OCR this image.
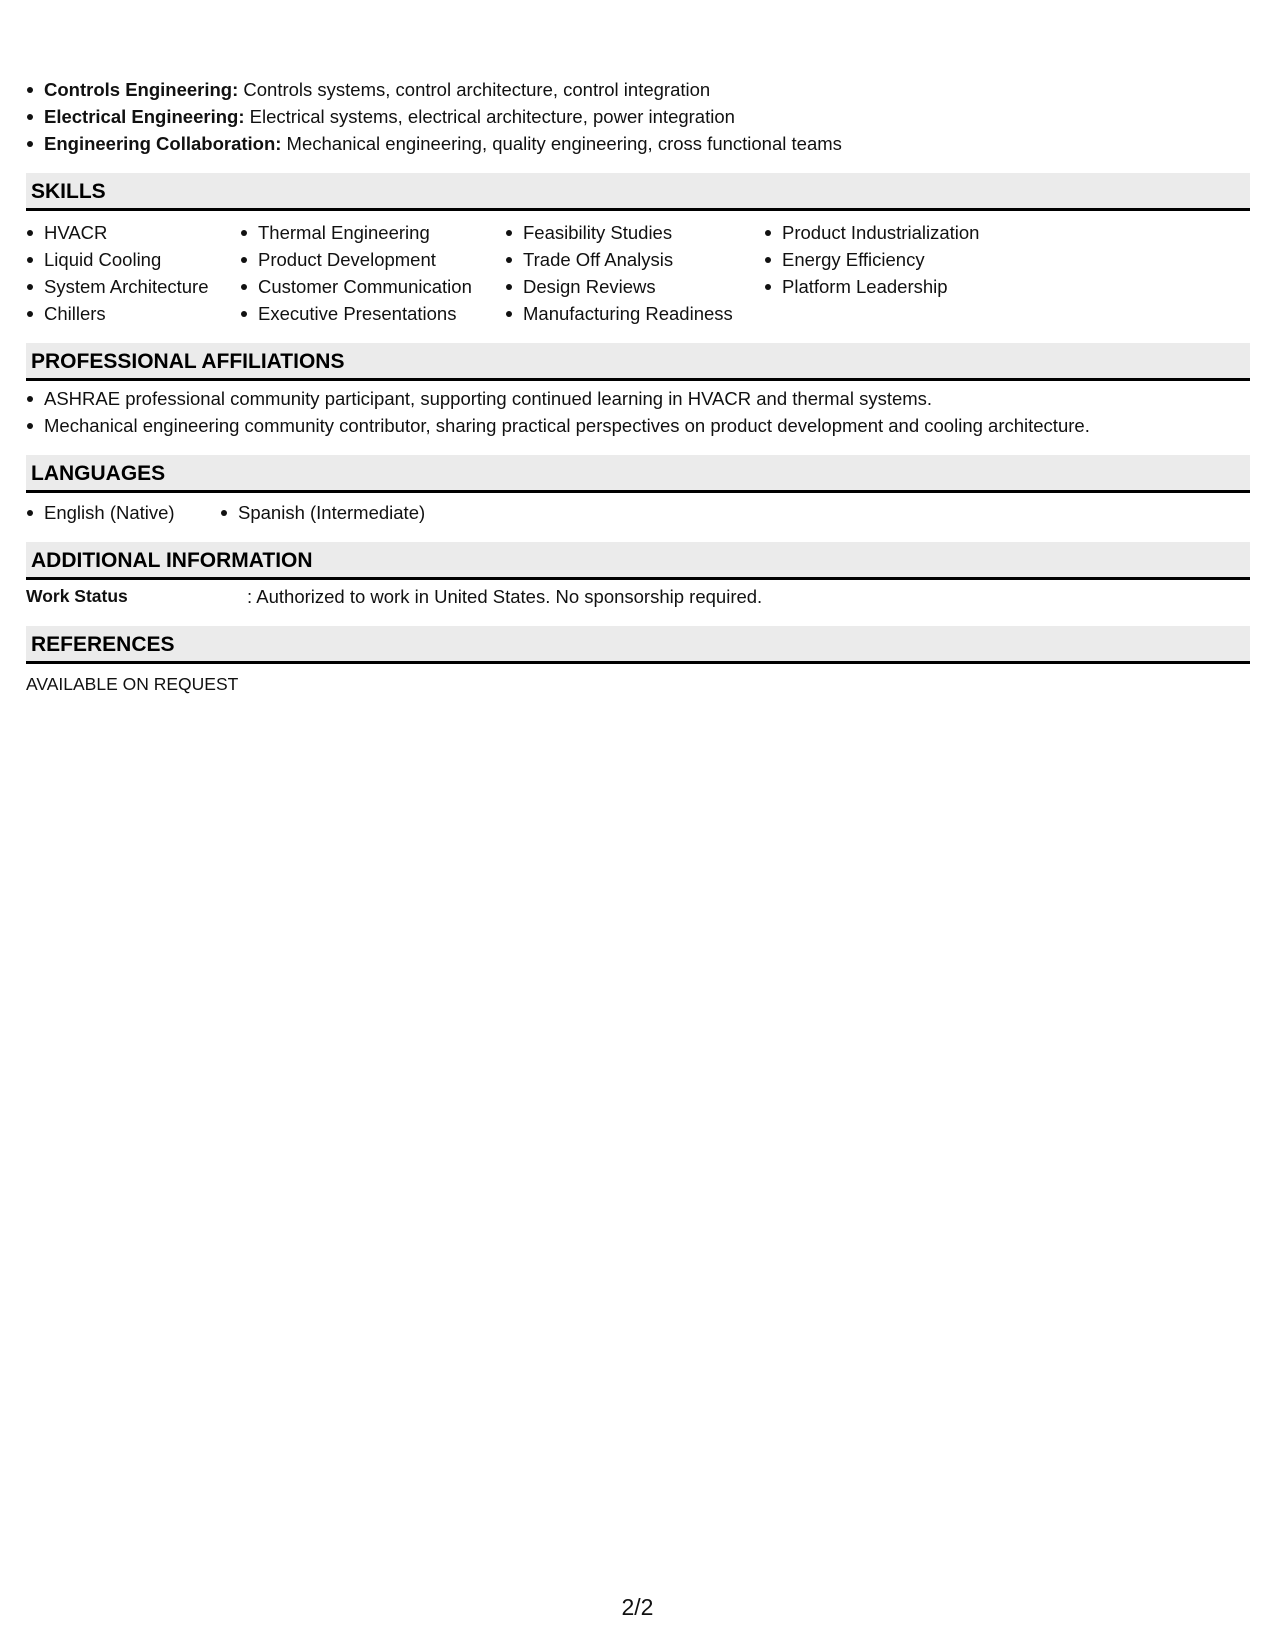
Controls Engineering: Controls systems, control architecture, control integration
Electrical Engineering: Electrical systems, electrical architecture, power integration
Engineering Collaboration: Mechanical engineering, quality engineering, cross functional teams
SKILLS
HVACR
Liquid Cooling
System Architecture
Chillers
Thermal Engineering
Product Development
Customer Communication
Executive Presentations
Feasibility Studies
Trade Off Analysis
Design Reviews
Manufacturing Readiness
Product Industrialization
Energy Efficiency
Platform Leadership
PROFESSIONAL AFFILIATIONS
ASHRAE professional community participant, supporting continued learning in HVACR and thermal systems.
Mechanical engineering community contributor, sharing practical perspectives on product development and cooling architecture.
LANGUAGES
English (Native)	Spanish (Intermediate)
ADDITIONAL INFORMATION
Work Status	: Authorized to work in United States. No sponsorship required.
REFERENCES
AVAILABLE ON REQUEST
2/2
